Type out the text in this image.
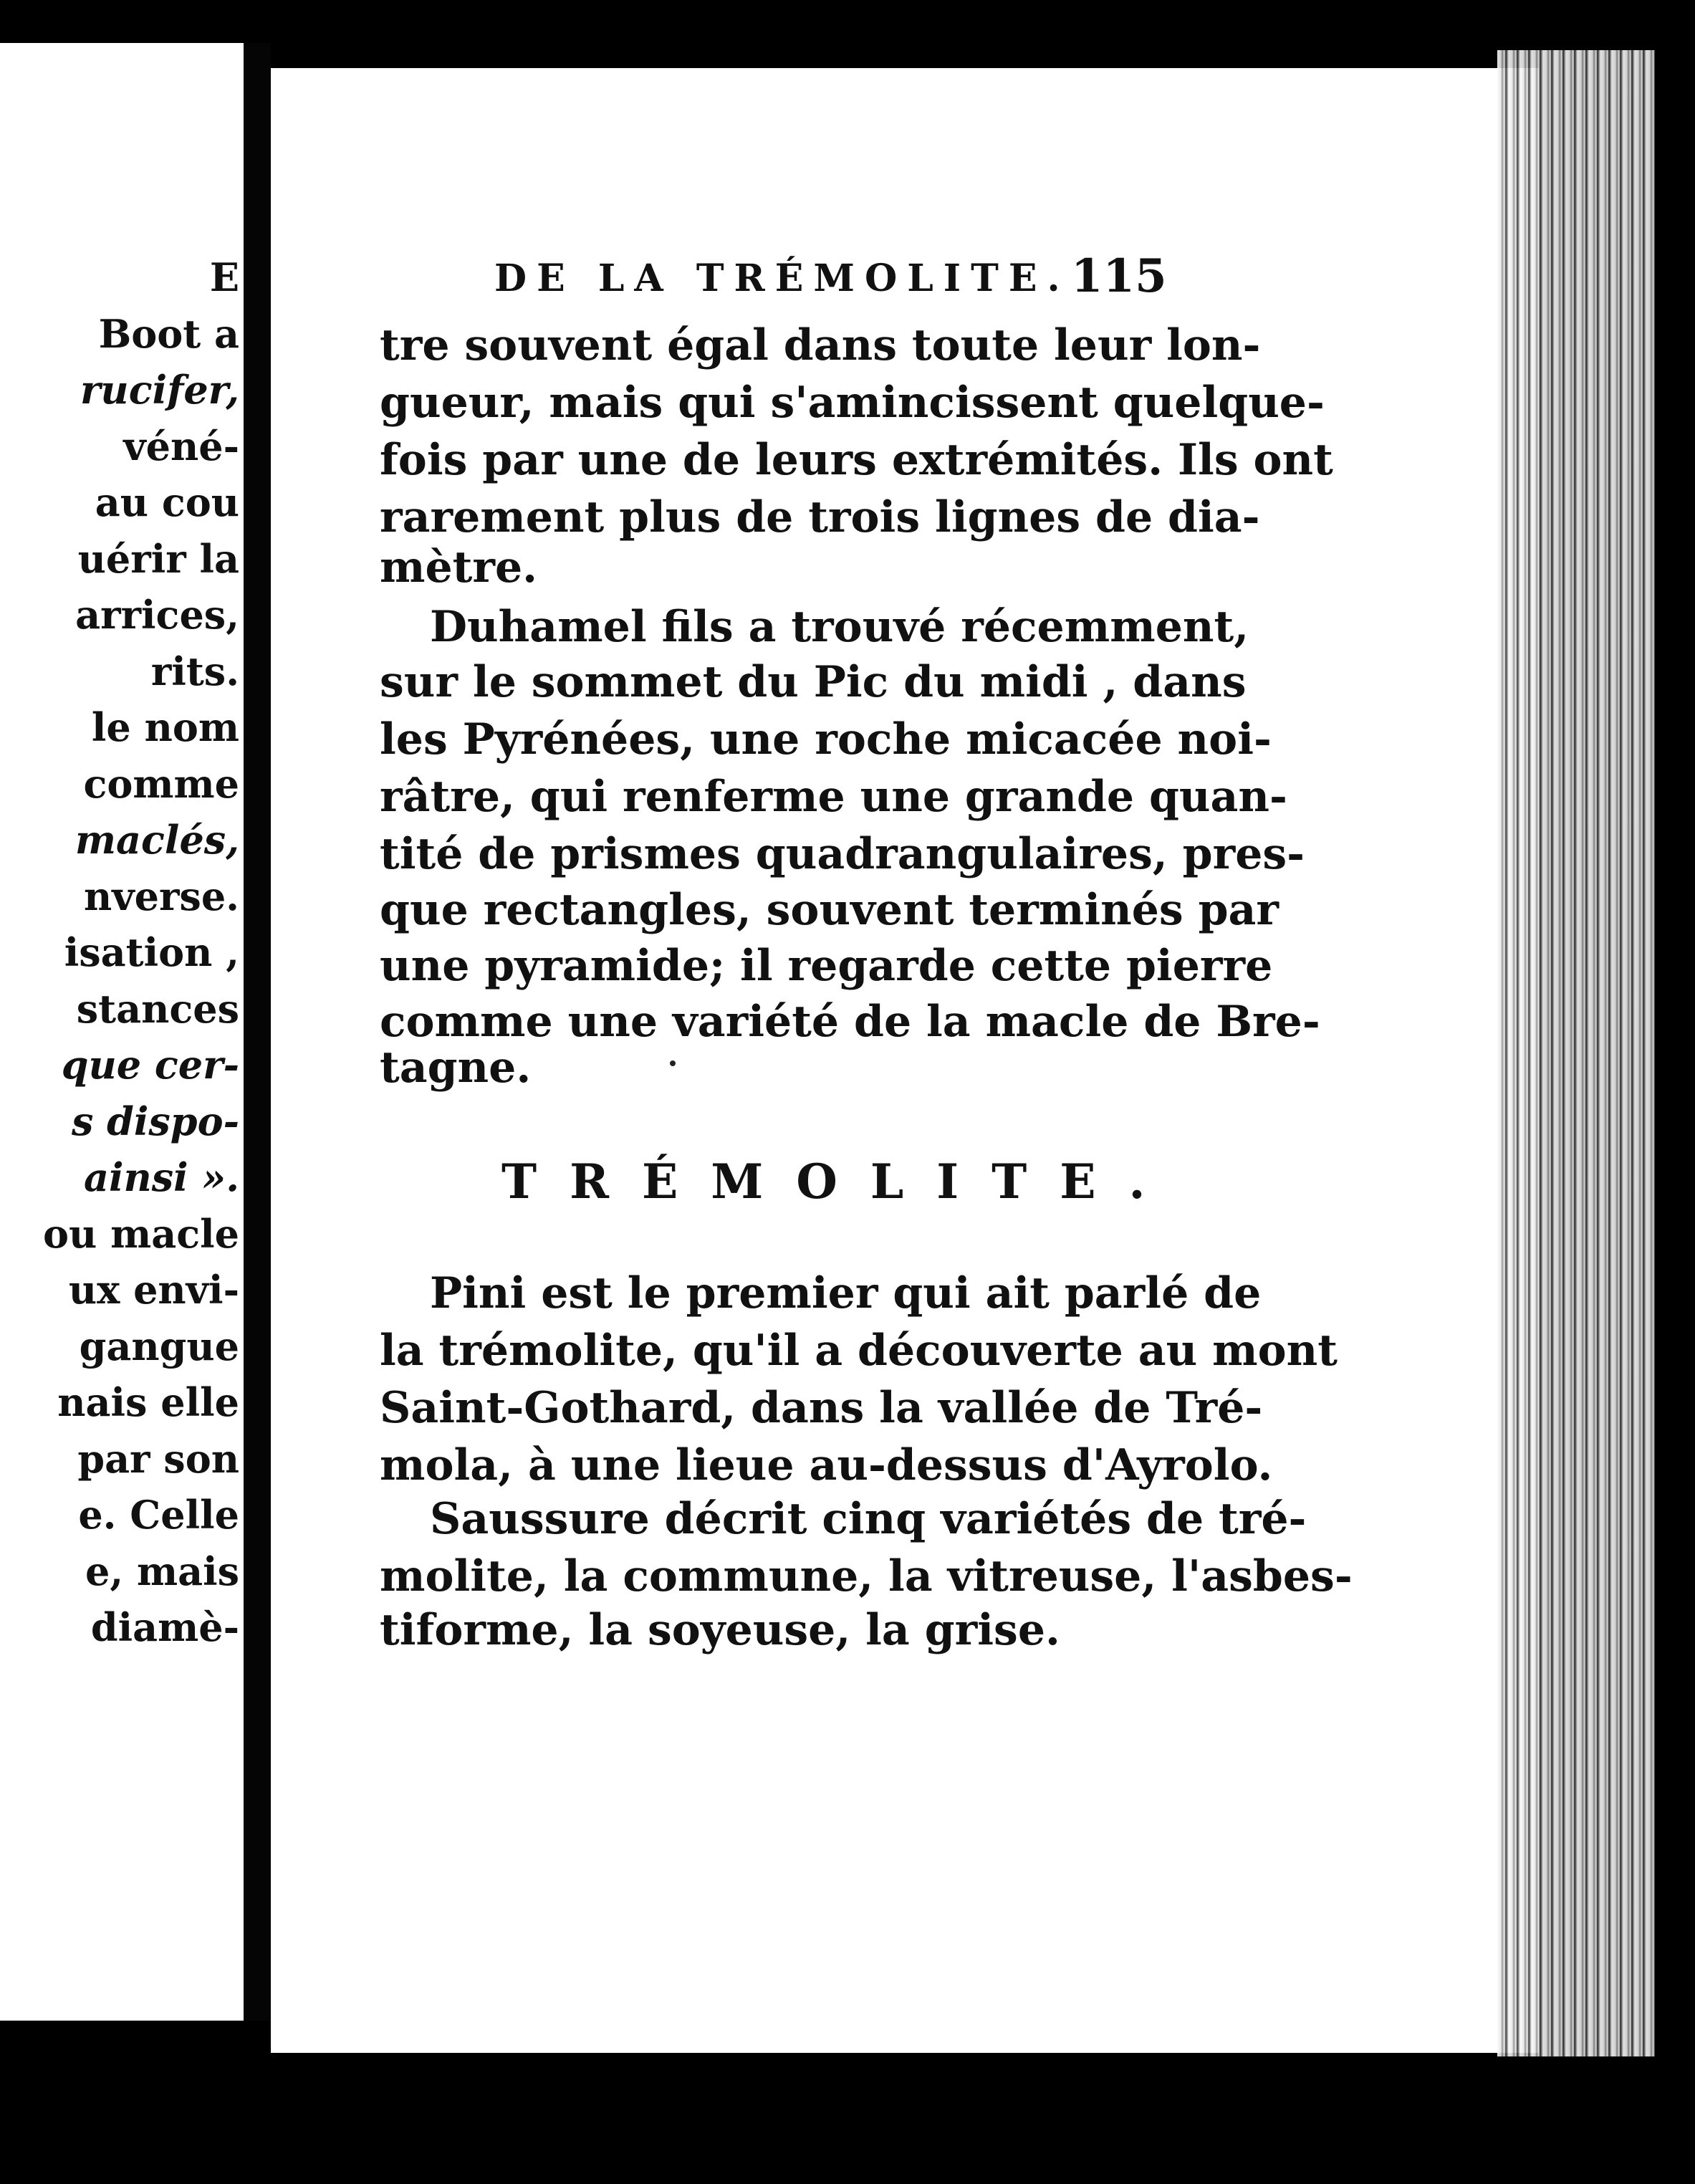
E
Boot a
rucifer,
véné-
au cou
uérir la
arrices,
rits.
le nom
comme
maclés,
nverse.
isation ,
stances
que cer-
s dispo-
ainsi ».
ou macle
ux envi-
gangue
nais elle
par son
e. Celle
e, mais
diamè-
DE LA TRÉMOLITE. 115
tre souvent égal dans toute leur lon-
gueur, mais qui s'amincissent quelque-
fois par une de leurs extrémités. Ils ont
rarement plus de trois lignes de dia-
mètre.
Duhamel fils a trouvé récemment,
sur le sommet du Pic du midi , dans
les Pyrénées, une roche micacée noi-
râtre, qui renferme une grande quan-
tité de prismes quadrangulaires, pres-
que rectangles, souvent terminés par
une pyramide; il regarde cette pierre
comme une variété de la macle de Bre-
tagne.
TRÉMOLITE.
Pini est le premier qui ait parlé de
la trémolite, qu'il a découverte au mont
Saint-Gothard, dans la vallée de Tré-
mola, à une lieue au-dessus d'Ayrolo.
Saussure décrit cinq variétés de tré-
molite, la commune, la vitreuse, l'asbes-
tiforme, la soyeuse, la grise.
